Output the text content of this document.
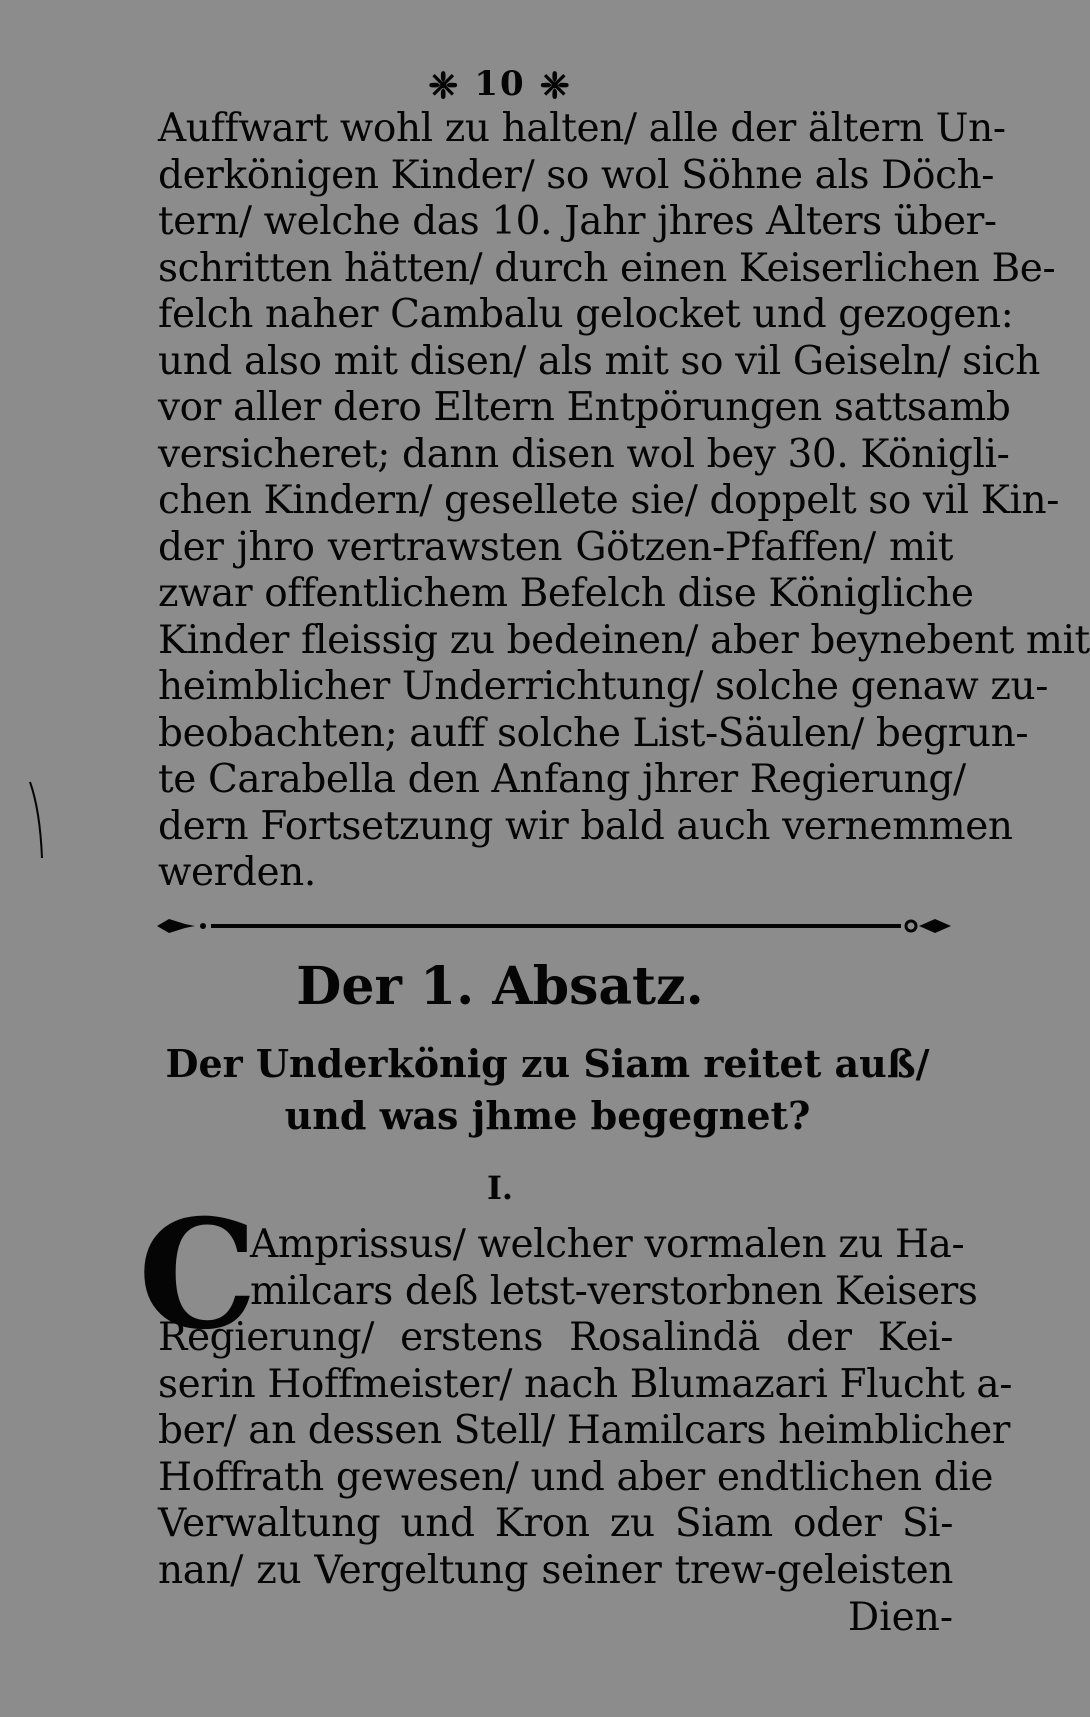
❈ 10 ❈
Auffwart wohl zu halten/ alle der ältern Un-
derkönigen Kinder/ so wol Söhne als Döch-
tern/ welche das 10. Jahr jhres Alters über-
schritten hätten/ durch einen Keiserlichen Be-
felch naher Cambalu gelocket und gezogen:
und also mit disen/ als mit so vil Geiseln/ sich
vor aller dero Eltern Entpörungen sattsamb
versicheret; dann disen wol bey 30. Königli-
chen Kindern/ gesellete sie/ doppelt so vil Kin-
der jhro vertrawsten Götzen-Pfaffen/ mit
zwar offentlichem Befelch dise Königliche
Kinder fleissig zu bedeinen/ aber beynebent mit
heimblicher Underrichtung/ solche genaw zu-
beobachten; auff solche List-Säulen/ begrun-
te Carabella den Anfang jhrer Regierung/
dern Fortsetzung wir bald auch vernemmen
werden.
Der 1. Absatz.
Der Underkönig zu Siam reitet auß/
und was jhme begegnet?
I.
C
Amprissus/ welcher vormalen zu Ha-
milcars deß letst-verstorbnen Keisers
Regierung/ erstens Rosalindä der Kei-
serin Hoffmeister/ nach Blumazari Flucht a-
ber/ an dessen Stell/ Hamilcars heimblicher
Hoffrath gewesen/ und aber endtlichen die
Verwaltung und Kron zu Siam oder Si-
nan/ zu Vergeltung seiner trew-geleisten
Dien-
